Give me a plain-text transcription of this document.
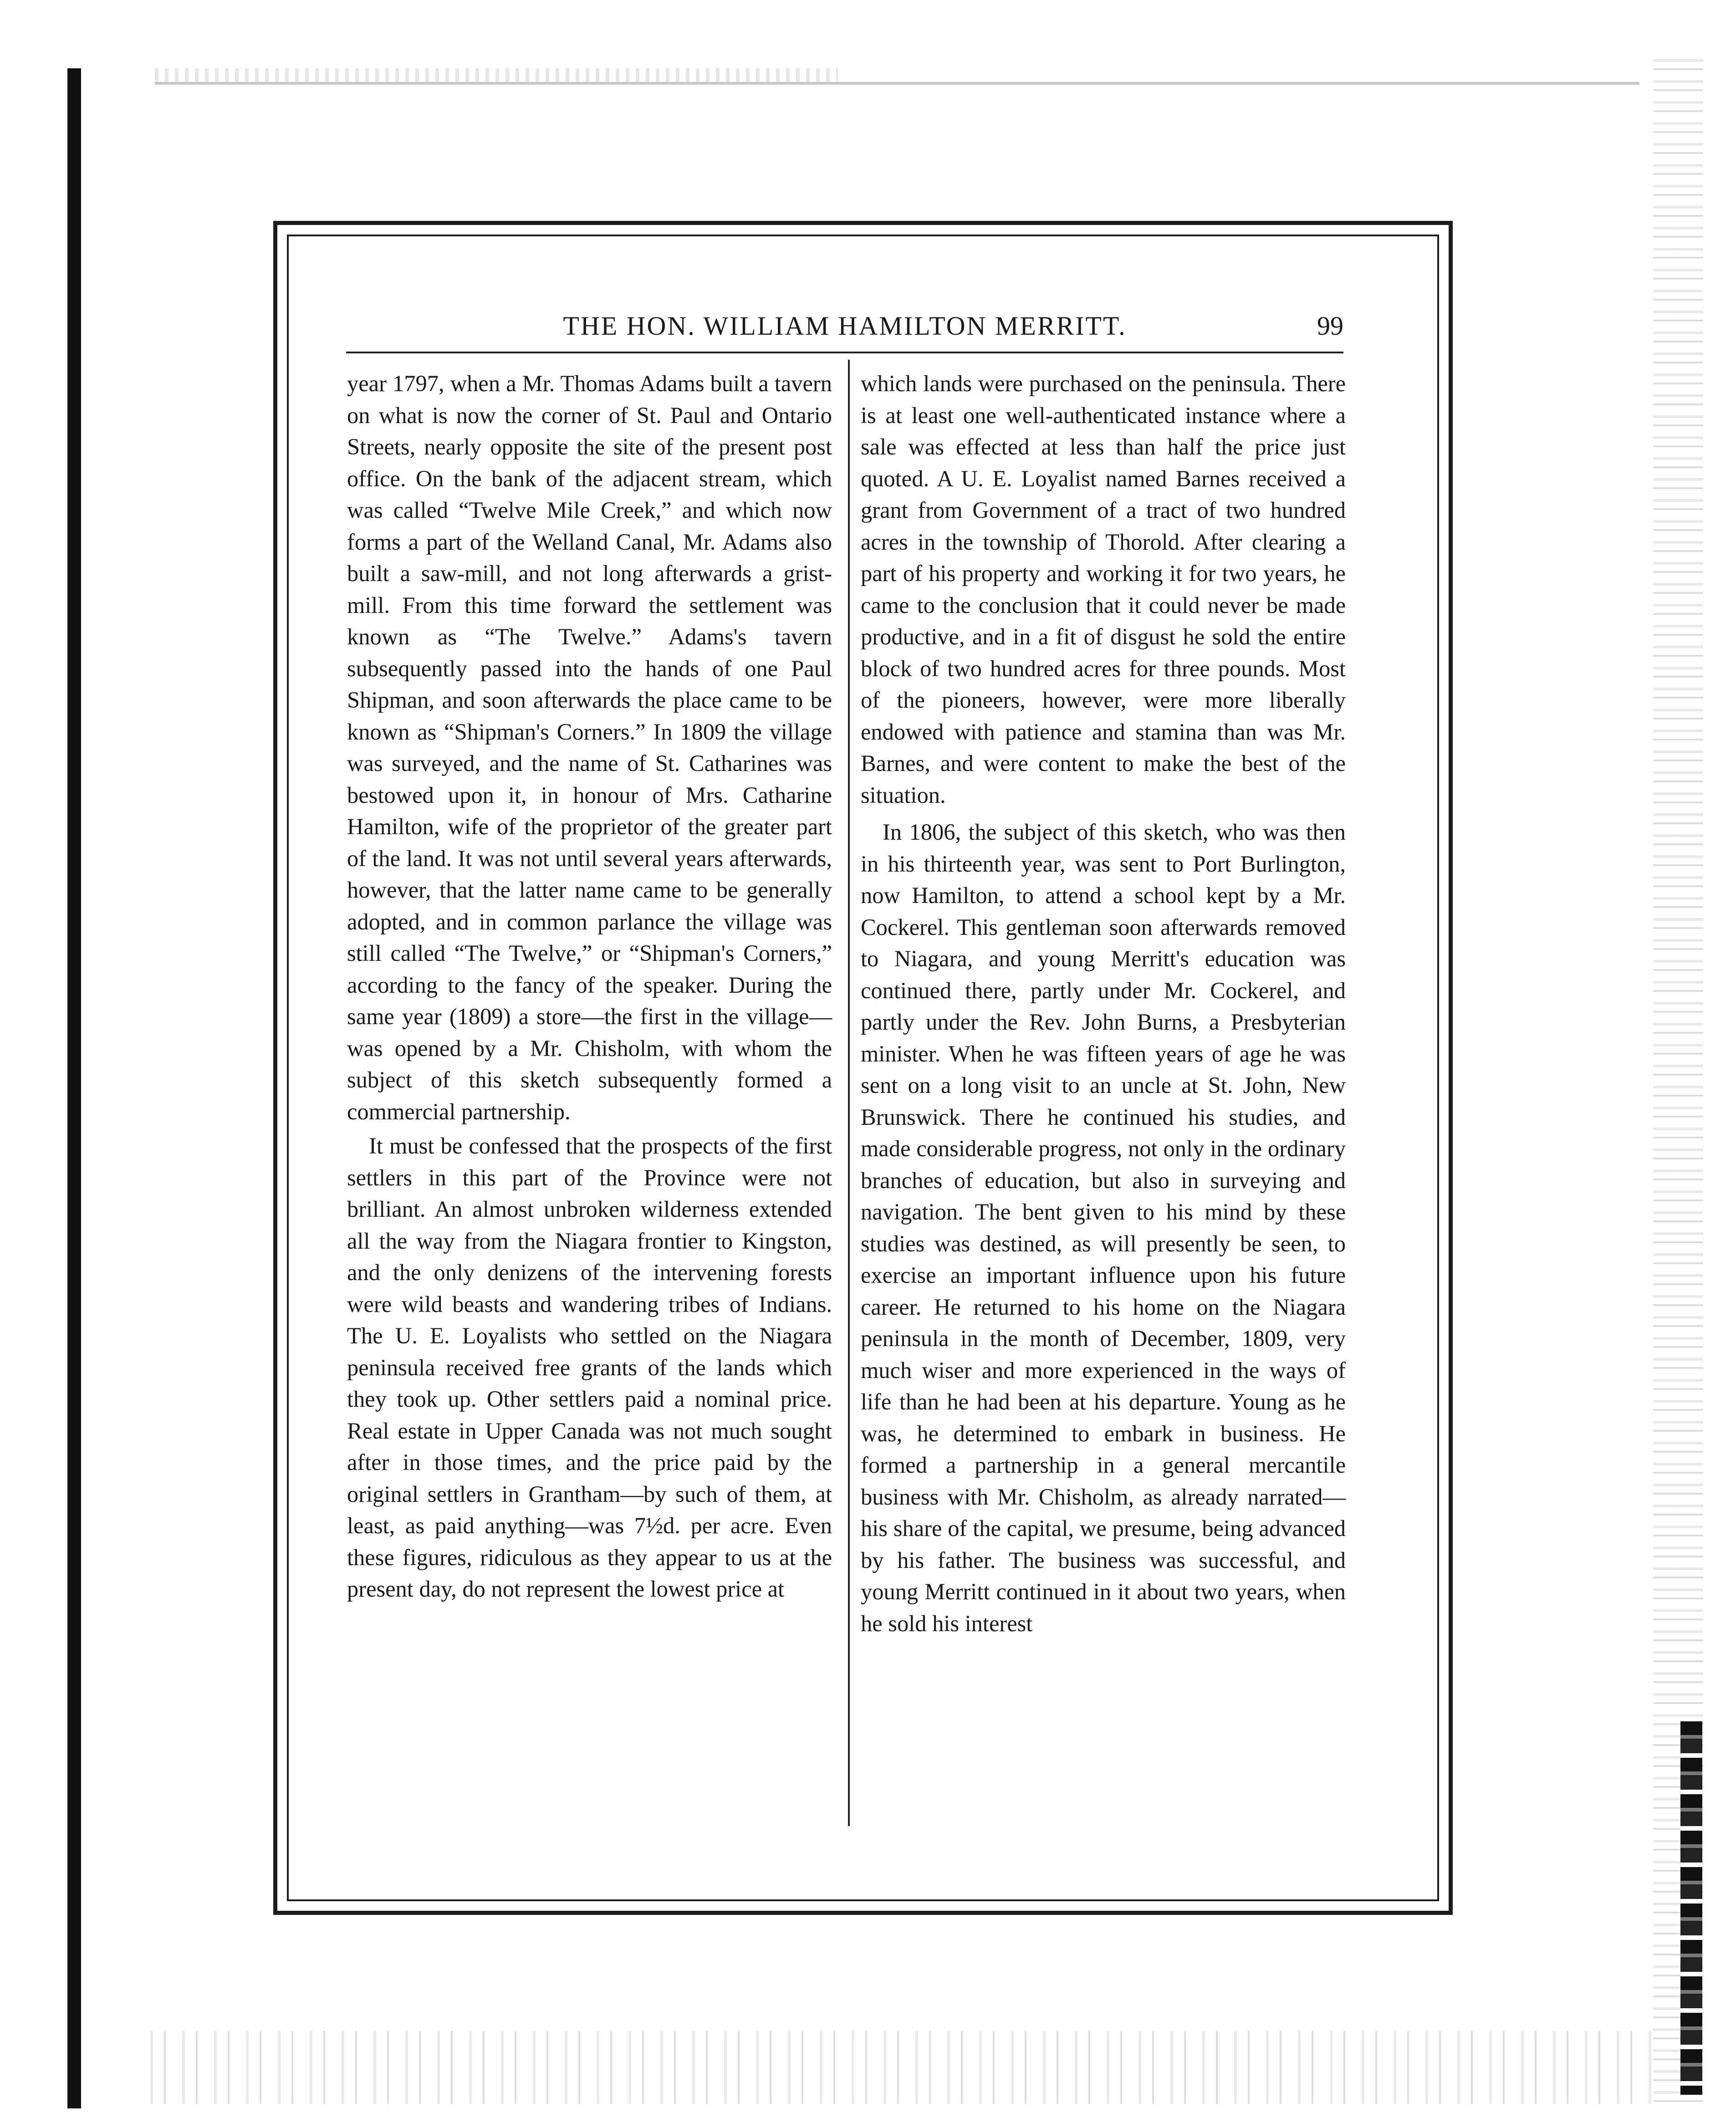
THE HON. WILLIAM HAMILTON MERRITT.	99

year 1797, when a Mr. Thomas Adams built a tavern on what is now the corner of St. Paul and Ontario Streets, nearly opposite the site of the present post office. On the bank of the adjacent stream, which was called “Twelve Mile Creek,” and which now forms a part of the Welland Canal, Mr. Adams also built a saw-mill, and not long afterwards a grist-mill. From this time forward the settlement was known as “The Twelve.” Adams's tavern subsequently passed into the hands of one Paul Shipman, and soon afterwards the place came to be known as “Shipman's Corners.” In 1809 the village was surveyed, and the name of St. Catharines was bestowed upon it, in honour of Mrs. Catharine Hamilton, wife of the proprietor of the greater part of the land. It was not until several years afterwards, however, that the latter name came to be generally adopted, and in common parlance the village was still called “The Twelve,” or “Shipman's Corners,” according to the fancy of the speaker. During the same year (1809) a store—the first in the village—was opened by a Mr. Chisholm, with whom the subject of this sketch subsequently formed a commercial partnership.

It must be confessed that the prospects of the first settlers in this part of the Province were not brilliant. An almost unbroken wilderness extended all the way from the Niagara frontier to Kingston, and the only denizens of the intervening forests were wild beasts and wandering tribes of Indians. The U. E. Loyalists who settled on the Niagara peninsula received free grants of the lands which they took up. Other settlers paid a nominal price. Real estate in Upper Canada was not much sought after in those times, and the price paid by the original settlers in Grantham—by such of them, at least, as paid anything—was 7½d. per acre. Even these figures, ridiculous as they appear to us at the present day, do not represent the lowest price at

which lands were purchased on the peninsula. There is at least one well-authenticated instance where a sale was effected at less than half the price just quoted. A U. E. Loyalist named Barnes received a grant from Government of a tract of two hundred acres in the township of Thorold. After clearing a part of his property and working it for two years, he came to the conclusion that it could never be made productive, and in a fit of disgust he sold the entire block of two hundred acres for three pounds. Most of the pioneers, however, were more liberally endowed with patience and stamina than was Mr. Barnes, and were content to make the best of the situation.

In 1806, the subject of this sketch, who was then in his thirteenth year, was sent to Port Burlington, now Hamilton, to attend a school kept by a Mr. Cockerel. This gentleman soon afterwards removed to Niagara, and young Merritt's education was continued there, partly under Mr. Cockerel, and partly under the Rev. John Burns, a Presbyterian minister. When he was fifteen years of age he was sent on a long visit to an uncle at St. John, New Brunswick. There he continued his studies, and made considerable progress, not only in the ordinary branches of education, but also in surveying and navigation. The bent given to his mind by these studies was destined, as will presently be seen, to exercise an important influence upon his future career. He returned to his home on the Niagara peninsula in the month of December, 1809, very much wiser and more experienced in the ways of life than he had been at his departure. Young as he was, he determined to embark in business. He formed a partnership in a general mercantile business with Mr. Chisholm, as already narrated—his share of the capital, we presume, being advanced by his father. The business was successful, and young Merritt continued in it about two years, when he sold his interest
